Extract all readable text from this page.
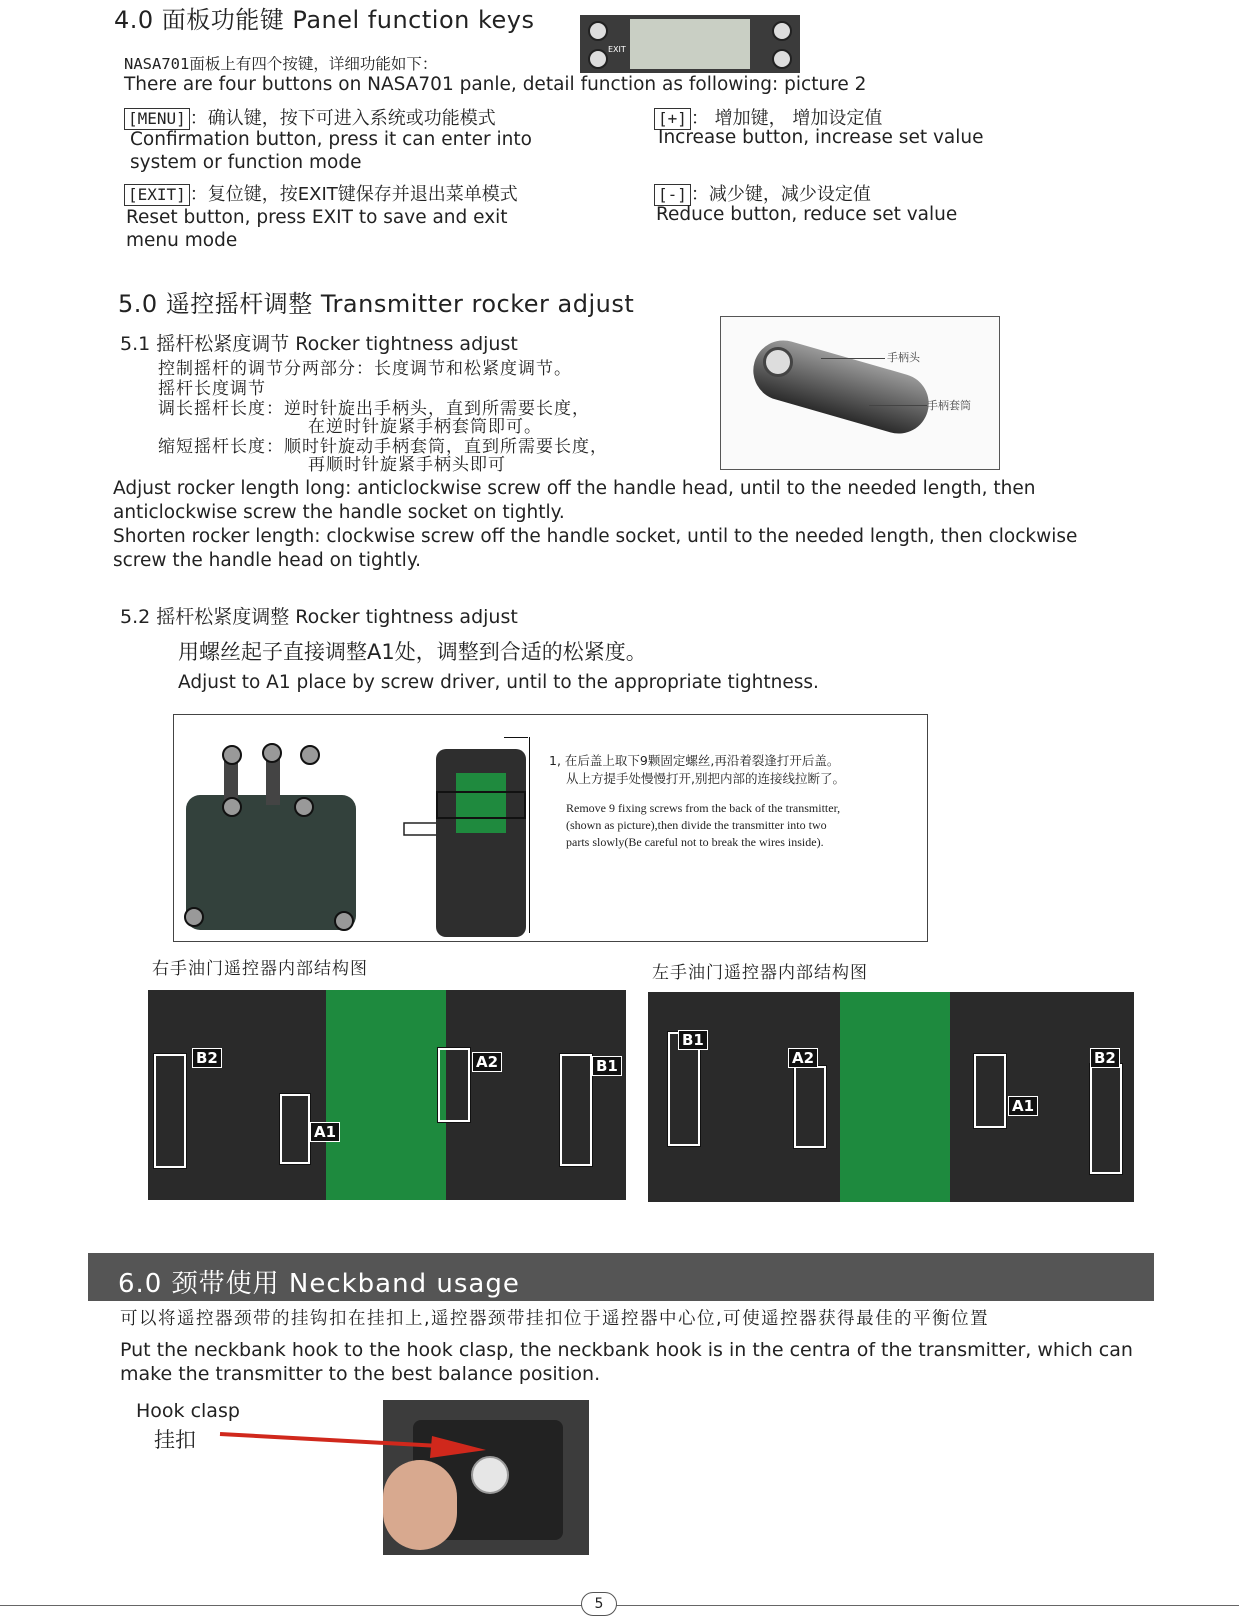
4.0 面板功能键 Panel function keys
EXIT
NASA701面板上有四个按键，详细功能如下：
There are four buttons on NASA701 panle, detail function as following: picture 2
[MENU] ：确认键，按下可进入系统或功能模式
Confirmation button, press it can enter into system or function mode
[+] ： 增加键， 增加设定值
Increase button, increase set value
[EXIT] ：复位键，按EXIT键保存并退出菜单模式
Reset button, press EXIT to save and exit menu mode
[-] ：减少键，减少设定值
Reduce button, reduce set value
5.0 遥控摇杆调整 Transmitter rocker adjust
5.1 摇杆松紧度调节 Rocker tightness adjust
控制摇杆的调节分两部分：长度调节和松紧度调节。
摇杆长度调节
调长摇杆长度：逆时针旋出手柄头，直到所需要长度，
在逆时针旋紧手柄套筒即可。
缩短摇杆长度：顺时针旋动手柄套筒，直到所需要长度，
再顺时针旋紧手柄头即可
手柄头
手柄套筒
Adjust rocker length long: anticlockwise screw off the handle head, until to the needed length, then
anticlockwise screw the handle socket on tightly.
Shorten rocker length: clockwise screw off the handle socket, until to the needed length, then clockwise
screw the handle head on tightly.
5.2 摇杆松紧度调整 Rocker tightness adjust
用螺丝起子直接调整A1处，调整到合适的松紧度。
Adjust to A1 place by screw driver, until to the appropriate tightness.
1, 在后盖上取下9颗固定螺丝,再沿着裂逢打开后盖。
从上方提手处慢慢打开,别把内部的连接线拉断了。
Remove 9 fixing screws from the back of the transmitter,
(shown as picture),then divide the transmitter into two
parts slowly(Be careful not to break the wires inside).
右手油门遥控器内部结构图	左手油门遥控器内部结构图
B2
A1
A2	B1
B1
A2
A1
B2
6.0 颈带使用 Neckband usage
可以将遥控器颈带的挂钩扣在挂扣上,遥控器颈带挂扣位于遥控器中心位,可使遥控器获得最佳的平衡位置
Put the neckbank hook to the hook clasp, the neckbank hook is in the centra of the transmitter, which can
make the transmitter to the best balance position.
Hook clasp
挂扣
5
